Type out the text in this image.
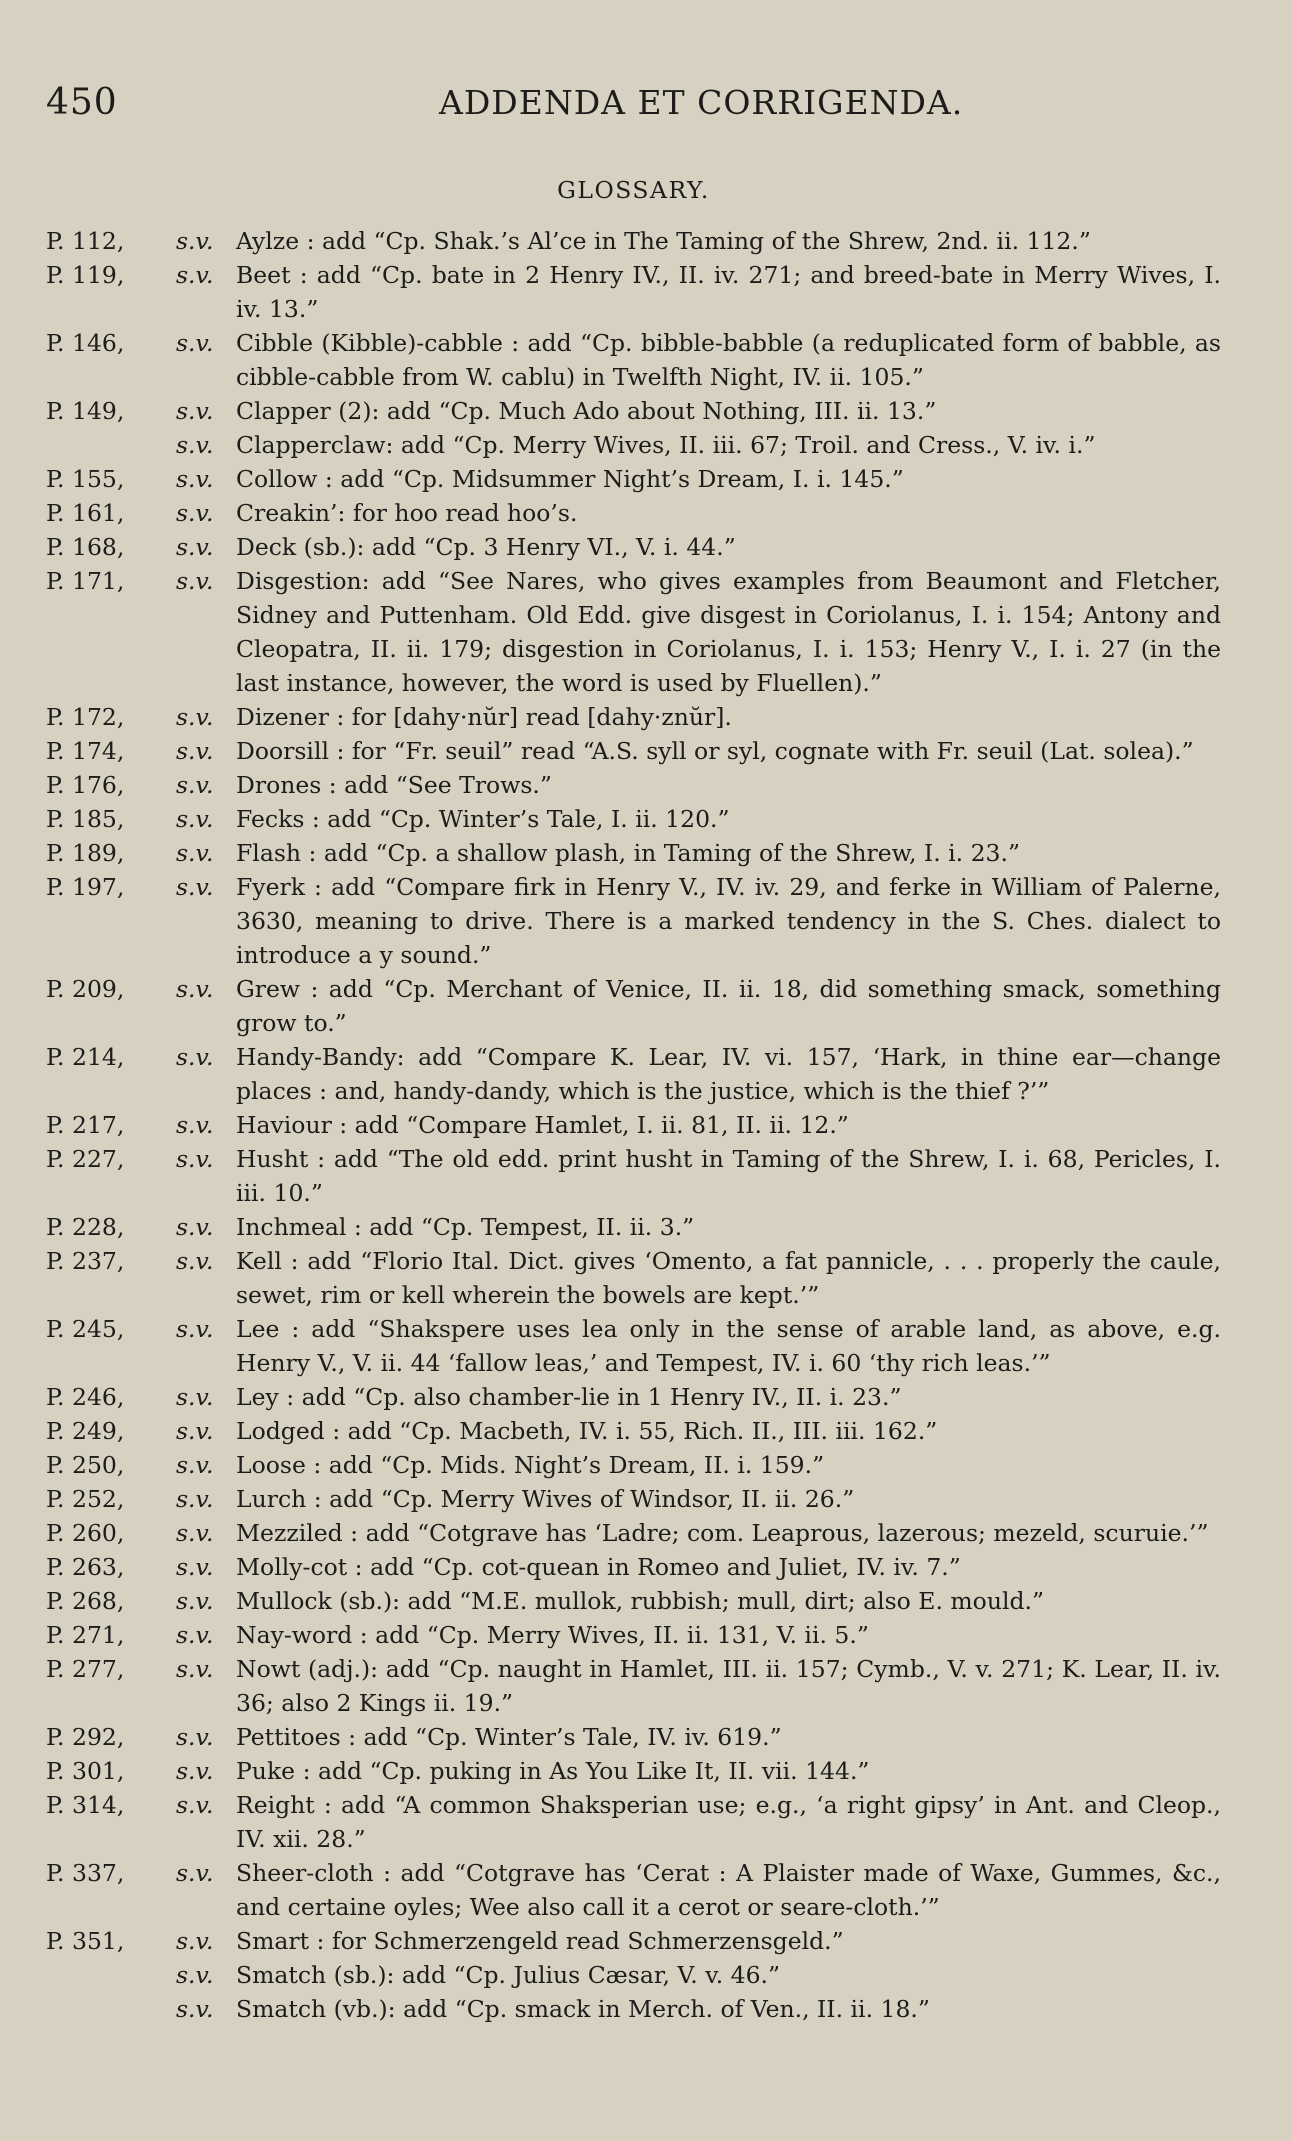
450	ADDENDA ET CORRIGENDA.
GLOSSARY.
P. 112,	s.v. Aylze : add “Cp. Shak.’s Al’ce in The Taming of the Shrew, 2nd. ii. 112.”
P. 119,	s.v. Beet : add “Cp. bate in 2 Henry IV., II. iv. 271; and breed-bate in Merry Wives, I. iv. 13.”
P. 146,	s.v. Cibble (Kibble)-cabble : add “Cp. bibble-babble (a reduplicated form of babble, as cibble-cabble from W. cablu) in Twelfth Night, IV. ii. 105.”
P. 149,	s.v. Clapper (2): add “Cp. Much Ado about Nothing, III. ii. 13.”
s.v. Clapperclaw: add “Cp. Merry Wives, II. iii. 67; Troil. and Cress., V. iv. i.”
P. 155,	s.v. Collow : add “Cp. Midsummer Night’s Dream, I. i. 145.”
P. 161,	s.v. Creakin’: for hoo read hoo’s.
P. 168,	s.v. Deck (sb.): add “Cp. 3 Henry VI., V. i. 44.”
P. 171,	s.v. Disgestion: add “See Nares, who gives examples from Beaumont and Fletcher, Sidney and Puttenham. Old Edd. give disgest in Coriolanus, I. i. 154; Antony and Cleopatra, II. ii. 179; disgestion in Coriolanus, I. i. 153; Henry V., I. i. 27 (in the last instance, however, the word is used by Fluellen).”
P. 172,	s.v. Dizener : for [dahy·nŭr] read [dahy·znŭr].
P. 174,	s.v. Doorsill : for “Fr. seuil” read “A.S. syll or syl, cognate with Fr. seuil (Lat. solea).”
P. 176,	s.v. Drones : add “See Trows.”
P. 185,	s.v. Fecks : add “Cp. Winter’s Tale, I. ii. 120.”
P. 189,	s.v. Flash : add “Cp. a shallow plash, in Taming of the Shrew, I. i. 23.”
P. 197,	s.v. Fyerk : add “Compare firk in Henry V., IV. iv. 29, and ferke in William of Palerne, 3630, meaning to drive. There is a marked tendency in the S. Ches. dialect to introduce a y sound.”
P. 209,	s.v. Grew : add “Cp. Merchant of Venice, II. ii. 18, did something smack, something grow to.”
P. 214,	s.v. Handy-Bandy: add “Compare K. Lear, IV. vi. 157, ‘Hark, in thine ear—change places : and, handy-dandy, which is the justice, which is the thief ?’”
P. 217,	s.v. Haviour : add “Compare Hamlet, I. ii. 81, II. ii. 12.”
P. 227,	s.v. Husht : add “The old edd. print husht in Taming of the Shrew, I. i. 68, Pericles, I. iii. 10.”
P. 228,	s.v. Inchmeal : add “Cp. Tempest, II. ii. 3.”
P. 237,	s.v. Kell : add “Florio Ital. Dict. gives ‘Omento, a fat pannicle, . . . properly the caule, sewet, rim or kell wherein the bowels are kept.’”
P. 245,	s.v. Lee : add “Shakspere uses lea only in the sense of arable land, as above, e.g. Henry V., V. ii. 44 ‘fallow leas,’ and Tempest, IV. i. 60 ‘thy rich leas.’”
P. 246,	s.v. Ley : add “Cp. also chamber-lie in 1 Henry IV., II. i. 23.”
P. 249,	s.v. Lodged : add “Cp. Macbeth, IV. i. 55, Rich. II., III. iii. 162.”
P. 250,	s.v. Loose : add “Cp. Mids. Night’s Dream, II. i. 159.”
P. 252,	s.v. Lurch : add “Cp. Merry Wives of Windsor, II. ii. 26.”
P. 260,	s.v. Mezziled : add “Cotgrave has ‘Ladre; com. Leaprous, lazerous; mezeld, scuruie.’”
P. 263,	s.v. Molly-cot : add “Cp. cot-quean in Romeo and Juliet, IV. iv. 7.”
P. 268,	s.v. Mullock (sb.): add “M.E. mullok, rubbish; mull, dirt; also E. mould.”
P. 271,	s.v. Nay-word : add “Cp. Merry Wives, II. ii. 131, V. ii. 5.”
P. 277,	s.v. Nowt (adj.): add “Cp. naught in Hamlet, III. ii. 157; Cymb., V. v. 271; K. Lear, II. iv. 36; also 2 Kings ii. 19.”
P. 292,	s.v. Pettitoes : add “Cp. Winter’s Tale, IV. iv. 619.”
P. 301,	s.v. Puke : add “Cp. puking in As You Like It, II. vii. 144.”
P. 314,	s.v. Reight : add “A common Shaksperian use; e.g., ‘a right gipsy’ in Ant. and Cleop., IV. xii. 28.”
P. 337,	s.v. Sheer-cloth : add “Cotgrave has ‘Cerat : A Plaister made of Waxe, Gummes, &c., and certaine oyles; Wee also call it a cerot or seare-cloth.’”
P. 351,	s.v. Smart : for Schmerzengeld read Schmerzensgeld.”
s.v. Smatch (sb.): add “Cp. Julius Cæsar, V. v. 46.”
s.v. Smatch (vb.): add “Cp. smack in Merch. of Ven., II. ii. 18.”
